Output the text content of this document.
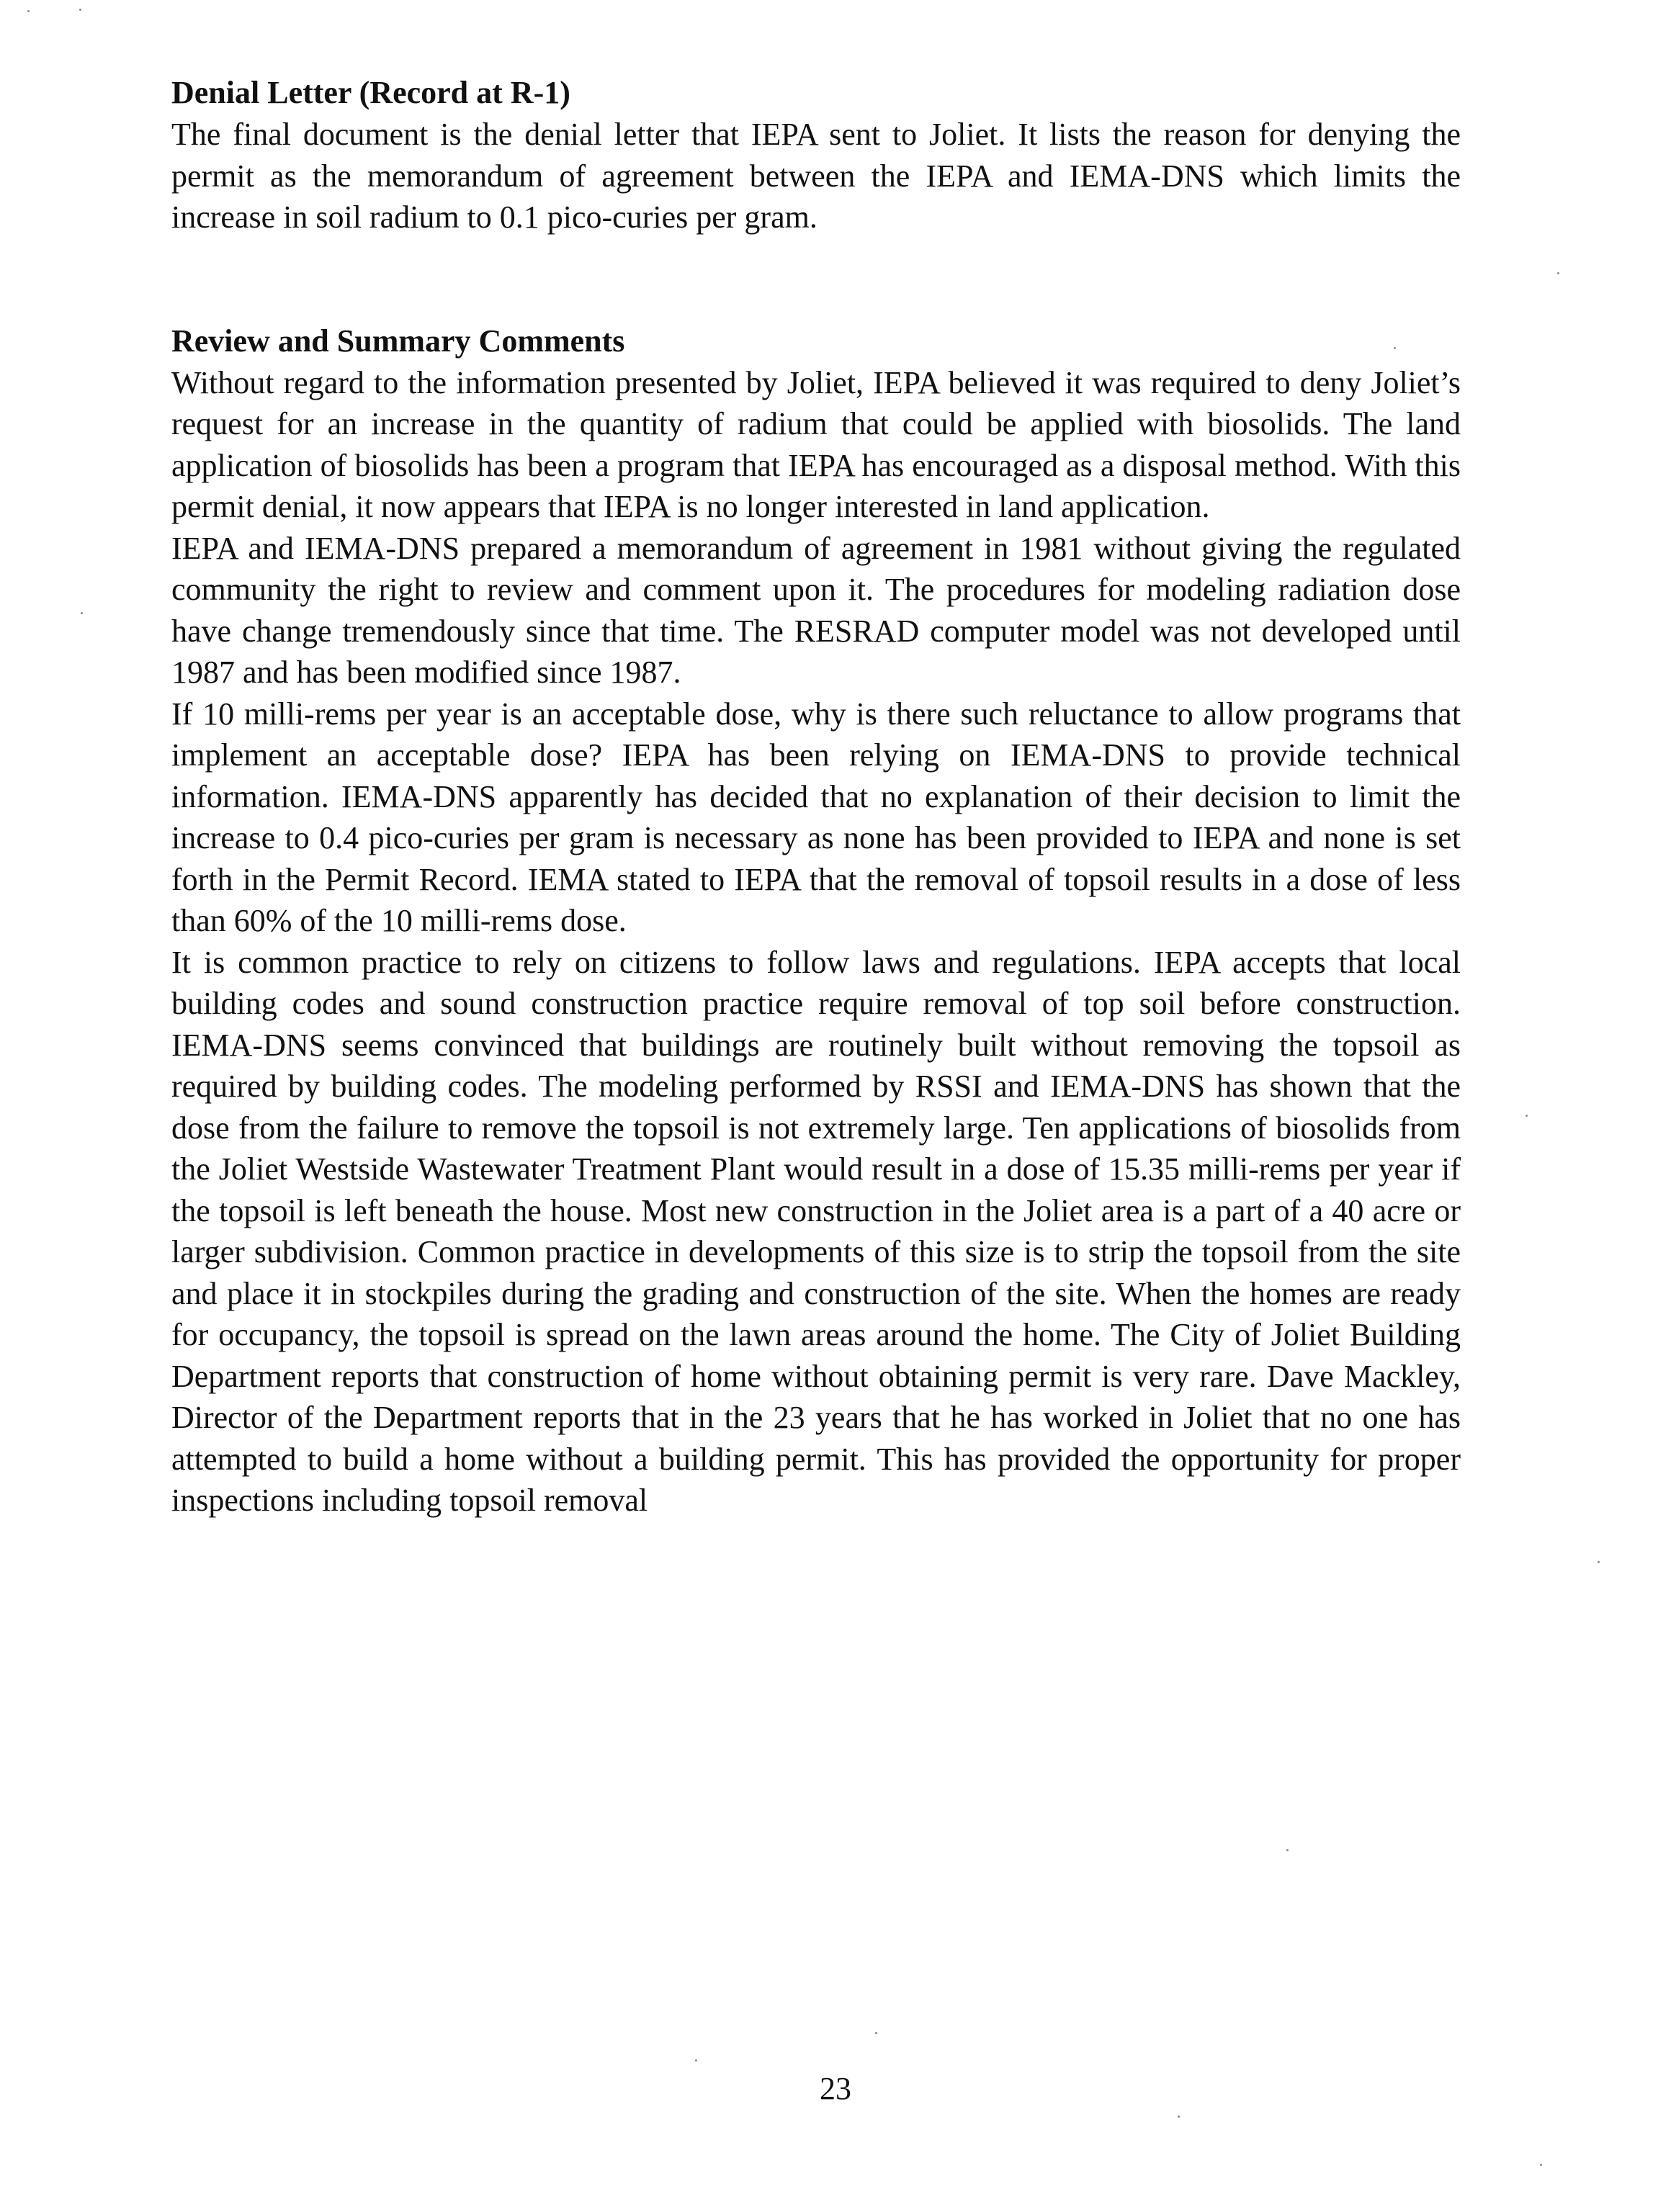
Denial Letter (Record at R-1)

The final document is the denial letter that IEPA sent to Joliet. It lists the reason for denying the permit as the memorandum of agreement between the IEPA and IEMA-DNS which limits the increase in soil radium to 0.1 pico-curies per gram.

Review and Summary Comments

Without regard to the information presented by Joliet, IEPA believed it was required to deny Joliet’s request for an increase in the quantity of radium that could be applied with biosolids. The land application of biosolids has been a program that IEPA has encouraged as a disposal method. With this permit denial, it now appears that IEPA is no longer interested in land application.

IEPA and IEMA-DNS prepared a memorandum of agreement in 1981 without giving the regulated community the right to review and comment upon it. The procedures for modeling radiation dose have change tremendously since that time. The RESRAD computer model was not developed until 1987 and has been modified since 1987.

If 10 milli-rems per year is an acceptable dose, why is there such reluctance to allow programs that implement an acceptable dose? IEPA has been relying on IEMA-DNS to provide technical information. IEMA-DNS apparently has decided that no explanation of their decision to limit the increase to 0.4 pico-curies per gram is necessary as none has been provided to IEPA and none is set forth in the Permit Record. IEMA stated to IEPA that the removal of topsoil results in a dose of less than 60% of the 10 milli-rems dose.

It is common practice to rely on citizens to follow laws and regulations. IEPA accepts that local building codes and sound construction practice require removal of top soil before construction. IEMA-DNS seems convinced that buildings are routinely built without removing the topsoil as required by building codes. The modeling performed by RSSI and IEMA-DNS has shown that the dose from the failure to remove the topsoil is not extremely large. Ten applications of biosolids from the Joliet Westside Wastewater Treatment Plant would result in a dose of 15.35 milli-rems per year if the topsoil is left beneath the house. Most new construction in the Joliet area is a part of a 40 acre or larger subdivision. Common practice in developments of this size is to strip the topsoil from the site and place it in stockpiles during the grading and construction of the site. When the homes are ready for occupancy, the topsoil is spread on the lawn areas around the home. The City of Joliet Building Department reports that construction of home without obtaining permit is very rare. Dave Mackley, Director of the Department reports that in the 23 years that he has worked in Joliet that no one has attempted to build a home without a building permit. This has provided the opportunity for proper inspections including topsoil removal

23
